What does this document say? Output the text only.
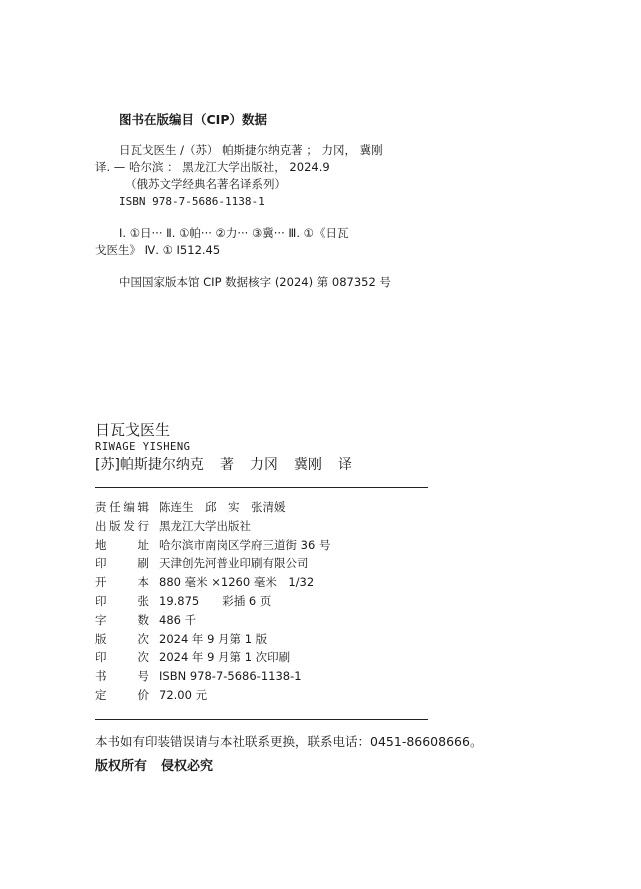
图书在版编目（CIP）数据
日瓦戈医生 /（苏） 帕斯捷尔纳克著 ； 力冈， 冀刚
译. — 哈尔滨 ： 黑龙江大学出版社， 2024.9
（俄苏文学经典名著名译系列）
ISBN 978-7-5686-1138-1
Ⅰ. ①日··· Ⅱ. ①帕··· ②力··· ③冀··· Ⅲ. ①《日瓦
戈医生》 Ⅳ. ① I512.45
中国国家版本馆 CIP 数据核字 (2024) 第 087352 号
日瓦戈医生
RIWAGE YISHENG
[苏]帕斯捷尔纳克 著 力冈 冀刚 译
责任编辑 陈连生　邱　实　张清媛
出版发行 黑龙江大学出版社
地址 哈尔滨市南岗区学府三道街 36 号
印刷 天津创先河普业印刷有限公司
开本 880 毫米 ×1260 毫米　1/32
印张 19.875　　彩插 6 页
字数 486 千
版次 2024 年 9 月第 1 版
印次 2024 年 9 月第 1 次印刷
书号 ISBN 978-7-5686-1138-1
定价 72.00 元
本书如有印装错误请与本社联系更换，联系电话：0451-86608666。
版权所有 侵权必究
